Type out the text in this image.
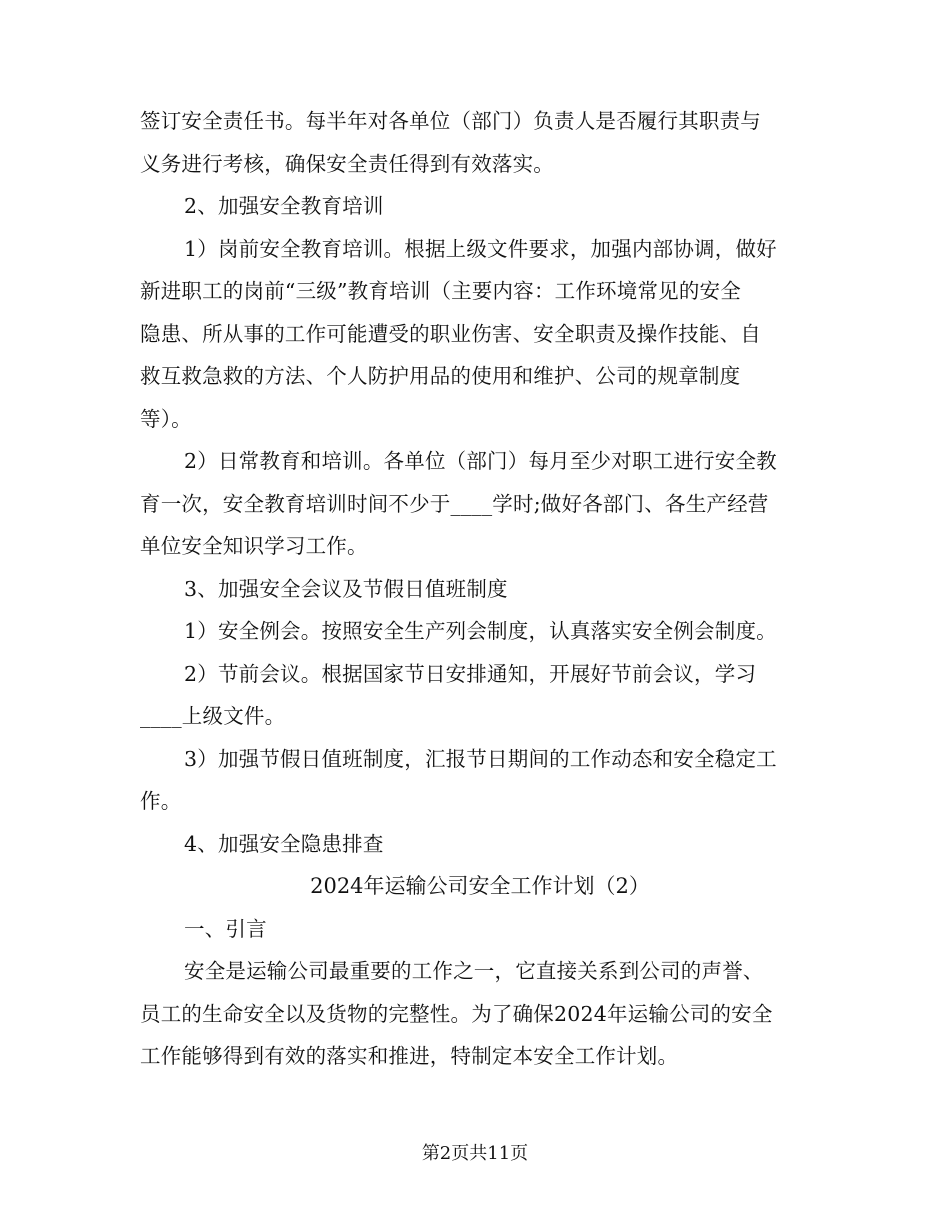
签订安全责任书。每半年对各单位（部门）负责人是否履行其职责与
义务进行考核，确保安全责任得到有效落实。
2、加强安全教育培训
1）岗前安全教育培训。根据上级文件要求，加强内部协调，做好
新进职工的岗前“三级”教育培训（主要内容：工作环境常见的安全
隐患、所从事的工作可能遭受的职业伤害、安全职责及操作技能、自
救互救急救的方法、个人防护用品的使用和维护、公司的规章制度
等）。
2）日常教育和培训。各单位（部门）每月至少对职工进行安全教
育一次，安全教育培训时间不少于____学时;做好各部门、各生产经营
单位安全知识学习工作。
3、加强安全会议及节假日值班制度
1）安全例会。按照安全生产列会制度，认真落实安全例会制度。
2）节前会议。根据国家节日安排通知，开展好节前会议，学习
____上级文件。
3）加强节假日值班制度，汇报节日期间的工作动态和安全稳定工
作。
4、加强安全隐患排查
2024年运输公司安全工作计划（2）
一、引言
安全是运输公司最重要的工作之一，它直接关系到公司的声誉、
员工的生命安全以及货物的完整性。为了确保2024年运输公司的安全
工作能够得到有效的落实和推进，特制定本安全工作计划。
第2页共11页
